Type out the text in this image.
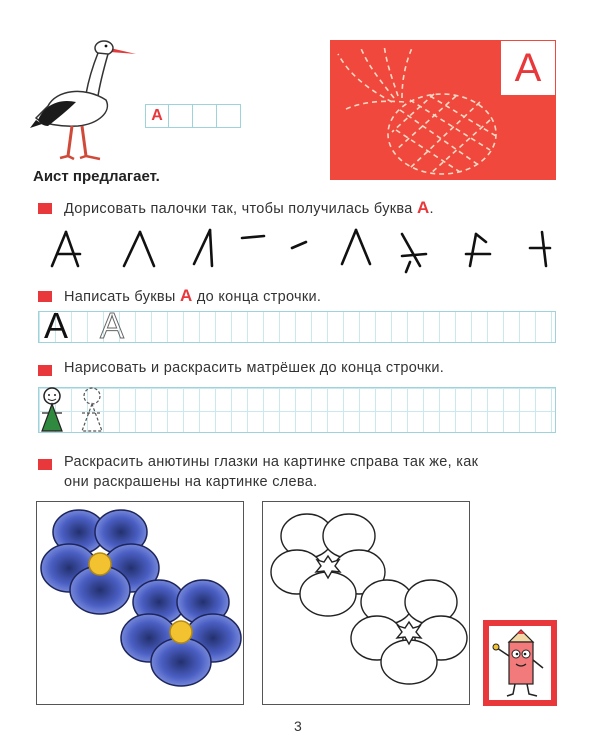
Аист предлагает.
А
А
Дорисовать палочки так, чтобы получилась буква А.
Написать буквы А до конца строчки.
А А
Нарисовать и раскрасить матрёшек до конца строчки.
Раскрасить анютины глазки на картинке справа так же, как
они раскрашены на картинке слева.
3
